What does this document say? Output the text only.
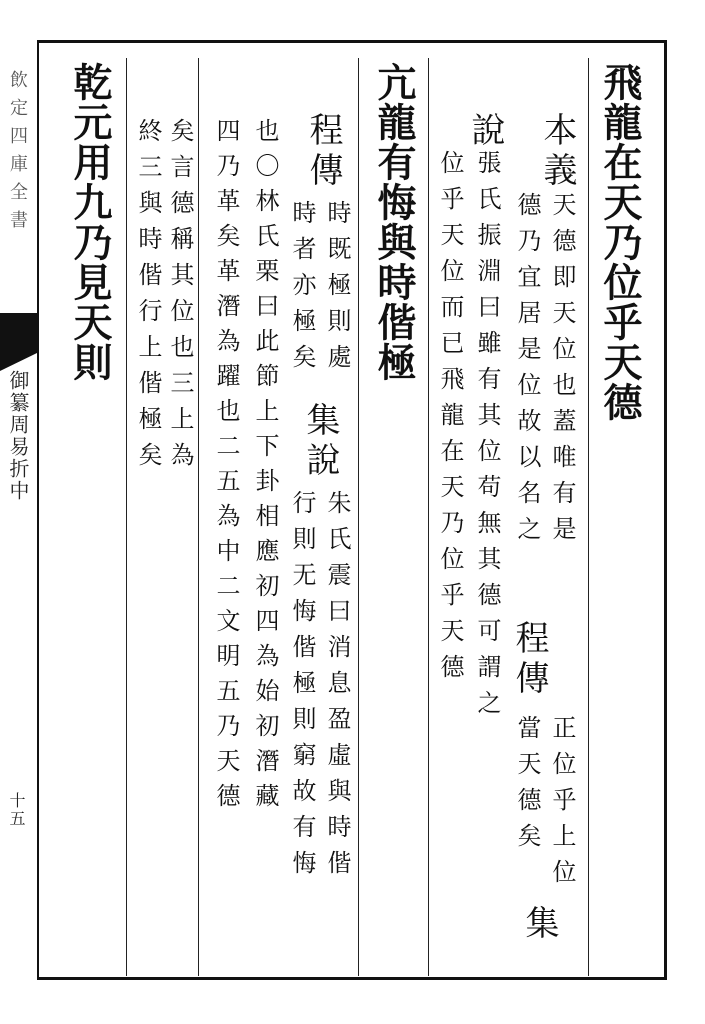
飲定四庫全書
御纂周易折中
十五
飛龍在天乃位乎天德
本義
天德即天位也蓋唯有是
德乃宜居是位故以名之
程傳
正位乎上位
當天德矣
集
說
張氏振淵曰雖有其位苟無其德可謂之
位乎天位而已飛龍在天乃位乎天德
亢龍有悔與時偕極
程傳
時既極則處
時者亦極矣
集說
朱氏震曰消息盈虛與時偕
行則无悔偕極則窮故有悔
也〇林氏栗曰此節上下卦相應初四為始初潛藏
四乃革矣革潛為躍也二五為中二文明五乃天德
矣言德稱其位也三上為
終三與時偕行上偕極矣
乾元用九乃見天則
